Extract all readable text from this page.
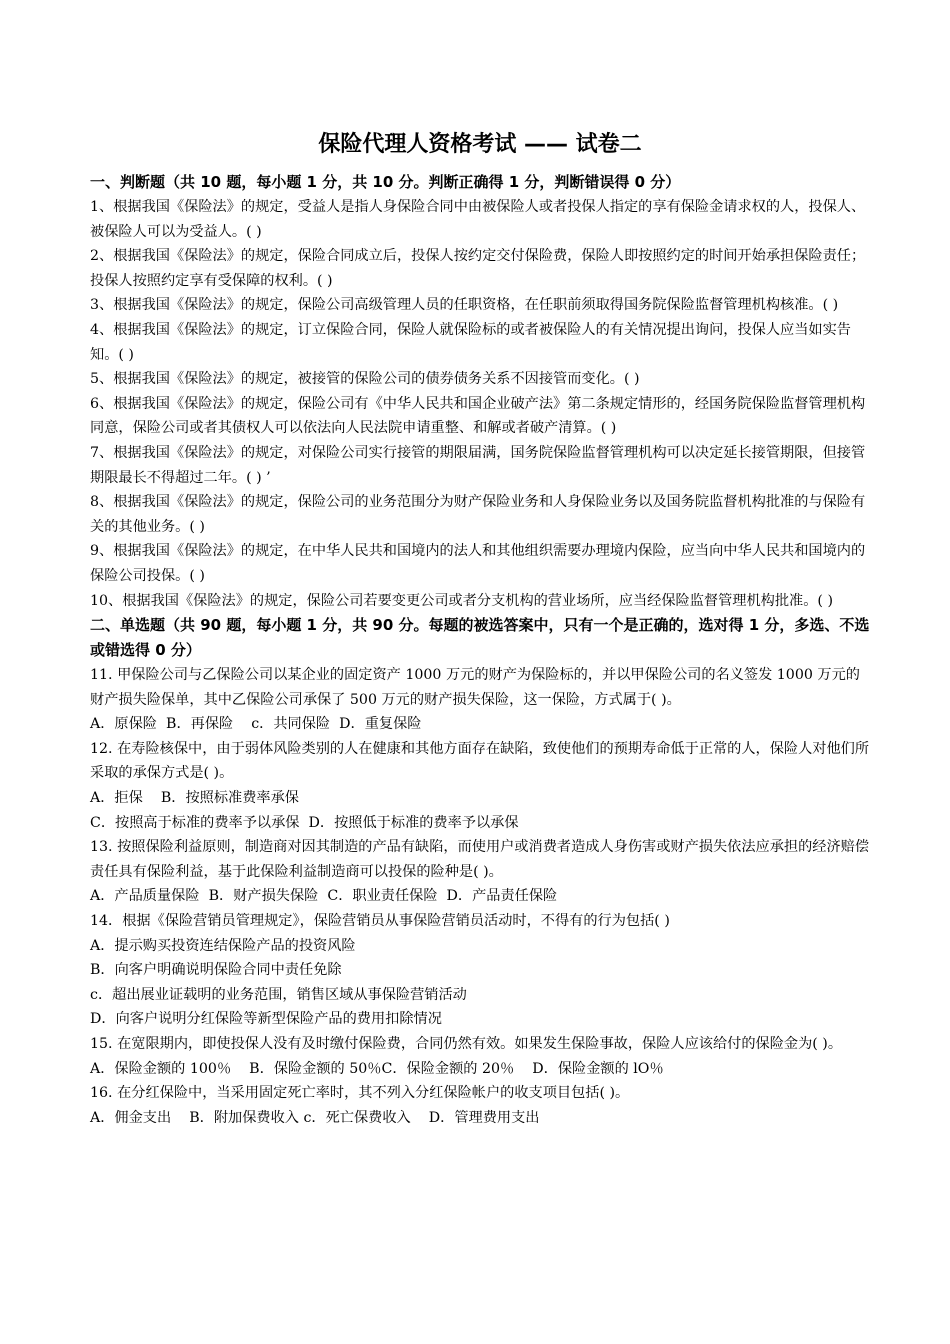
保险代理人资格考试 —— 试卷二
一、判断题（共 10 题，每小题 1 分，共 10 分。判断正确得 1 分，判断错误得 0 分）
1、根据我国《保险法》的规定，受益人是指人身保险合同中由被保险人或者投保人指定的享有保险金请求权的人，投保人、被保险人可以为受益人。( )
2、根据我国《保险法》的规定，保险合同成立后，投保人按约定交付保险费，保险人即按照约定的时间开始承担保险责任；投保人按照约定享有受保障的权利。( )
3、根据我国《保险法》的规定，保险公司高级管理人员的任职资格，在任职前须取得国务院保险监督管理机构核准。( )
4、根据我国《保险法》的规定，订立保险合同，保险人就保险标的或者被保险人的有关情况提出询问，投保人应当如实告知。( )
5、根据我国《保险法》的规定，被接管的保险公司的债券债务关系不因接管而变化。( )
6、根据我国《保险法》的规定，保险公司有《中华人民共和国企业破产法》第二条规定情形的，经国务院保险监督管理机构同意，保险公司或者其债权人可以依法向人民法院申请重整、和解或者破产清算。( )
7、根据我国《保险法》的规定，对保险公司实行接管的期限届满，国务院保险监督管理机构可以决定延长接管期限，但接管期限最长不得超过二年。( ) ’
8、根据我国《保险法》的规定，保险公司的业务范围分为财产保险业务和人身保险业务以及国务院监督机构批准的与保险有关的其他业务。( )
9、根据我国《保险法》的规定，在中华人民共和国境内的法人和其他组织需要办理境内保险，应当向中华人民共和国境内的保险公司投保。( )
10、根据我国《保险法》的规定，保险公司若要变更公司或者分支机构的营业场所，应当经保险监督管理机构批准。( )
二、单选题（共 90 题，每小题 1 分，共 90 分。每题的被选答案中，只有一个是正确的，选对得 1 分，多选、不选或错选得 0 分）
11. 甲保险公司与乙保险公司以某企业的固定资产 1000 万元的财产为保险标的，并以甲保险公司的名义签发 1000 万元的财产损失险保单，其中乙保险公司承保了 500 万元的财产损失保险，这一保险，方式属于( )。
A．原保险  B．再保险    c．共同保险  D．重复保险
12. 在寿险核保中，由于弱体风险类别的人在健康和其他方面存在缺陷，致使他们的预期寿命低于正常的人，保险人对他们所采取的承保方式是( )。
A．拒保    B．按照标准费率承保
C．按照高于标准的费率予以承保  D．按照低于标准的费率予以承保
13. 按照保险利益原则，制造商对因其制造的产品有缺陷，而使用户或消费者造成人身伤害或财产损失依法应承担的经济赔偿责任具有保险利益，基于此保险利益制造商可以投保的险种是( )。
A．产品质量保险  B．财产损失保险  C．职业责任保险  D．产品责任保险
14．根据《保险营销员管理规定》，保险营销员从事保险营销员活动时，不得有的行为包括( )
A．提示购买投资连结保险产品的投资风险
B．向客户明确说明保险合同中责任免除
c．超出展业证载明的业务范围，销售区域从事保险营销活动
D．向客户说明分红保险等新型保险产品的费用扣除情况
15. 在宽限期内，即使投保人没有及时缴付保险费，合同仍然有效。如果发生保险事故，保险人应该给付的保险金为( )。
A．保险金额的 100％    B．保险金额的 50％C．保险金额的 20％    D．保险金额的 lO％
16. 在分红保险中，当采用固定死亡率时，其不列入分红保险帐户的收支项目包括( )。
A．佣金支出    B．附加保费收入 c．死亡保费收入    D．管理费用支出
